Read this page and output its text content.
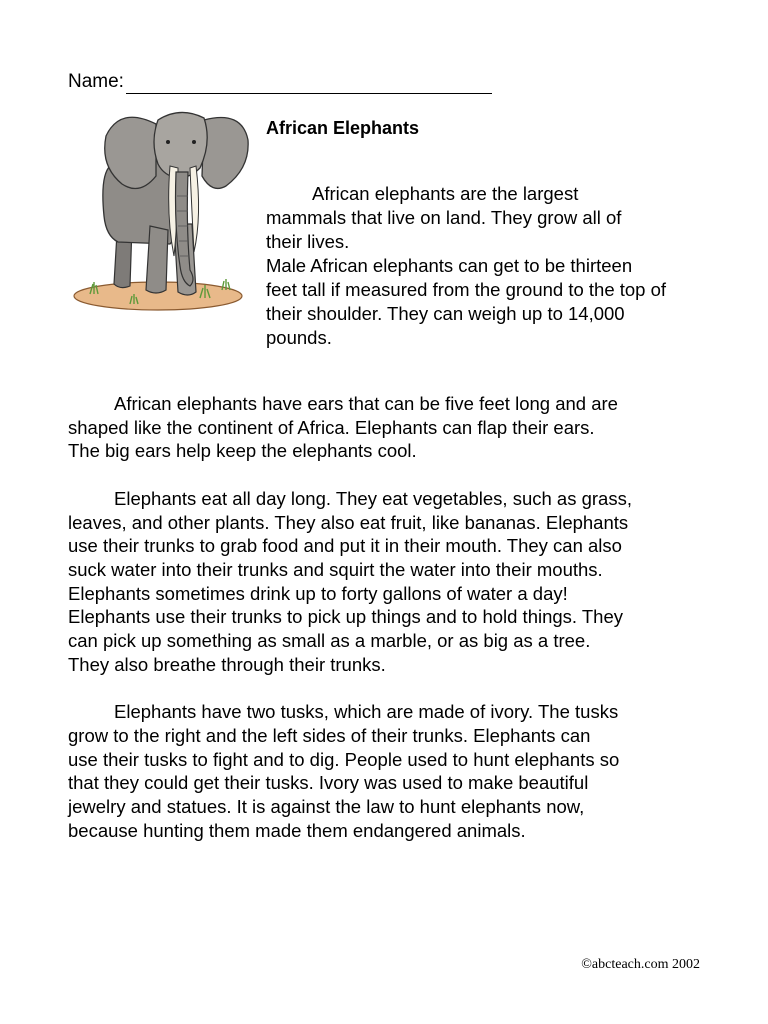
Name:
African Elephants

African elephants are the largest

mammals that live on land. They grow all of

their lives.

Male African elephants can get to be thirteen

feet tall if measured from the ground to the top of

their shoulder. They can weigh up to 14,000

pounds.

African elephants have ears that can be five feet long and are
shaped like the continent of Africa. Elephants can flap their ears.
The big ears help keep the elephants cool.

Elephants eat all day long. They eat vegetables, such as grass,
leaves, and other plants. They also eat fruit, like bananas. Elephants
use their trunks to grab food and put it in their mouth. They can also
suck water into their trunks and squirt the water into their mouths.
Elephants sometimes drink up to forty gallons of water a day!
Elephants use their trunks to pick up things and to hold things. They
can pick up something as small as a marble, or as big as a tree.
They also breathe through their trunks.

Elephants have two tusks, which are made of ivory. The tusks
grow to the right and the left sides of their trunks. Elephants can
use their tusks to fight and to dig. People used to hunt elephants so
that they could get their tusks. Ivory was used to make beautiful
jewelry and statues. It is against the law to hunt elephants now,
because hunting them made them endangered animals.

©abcteach.com 2002
